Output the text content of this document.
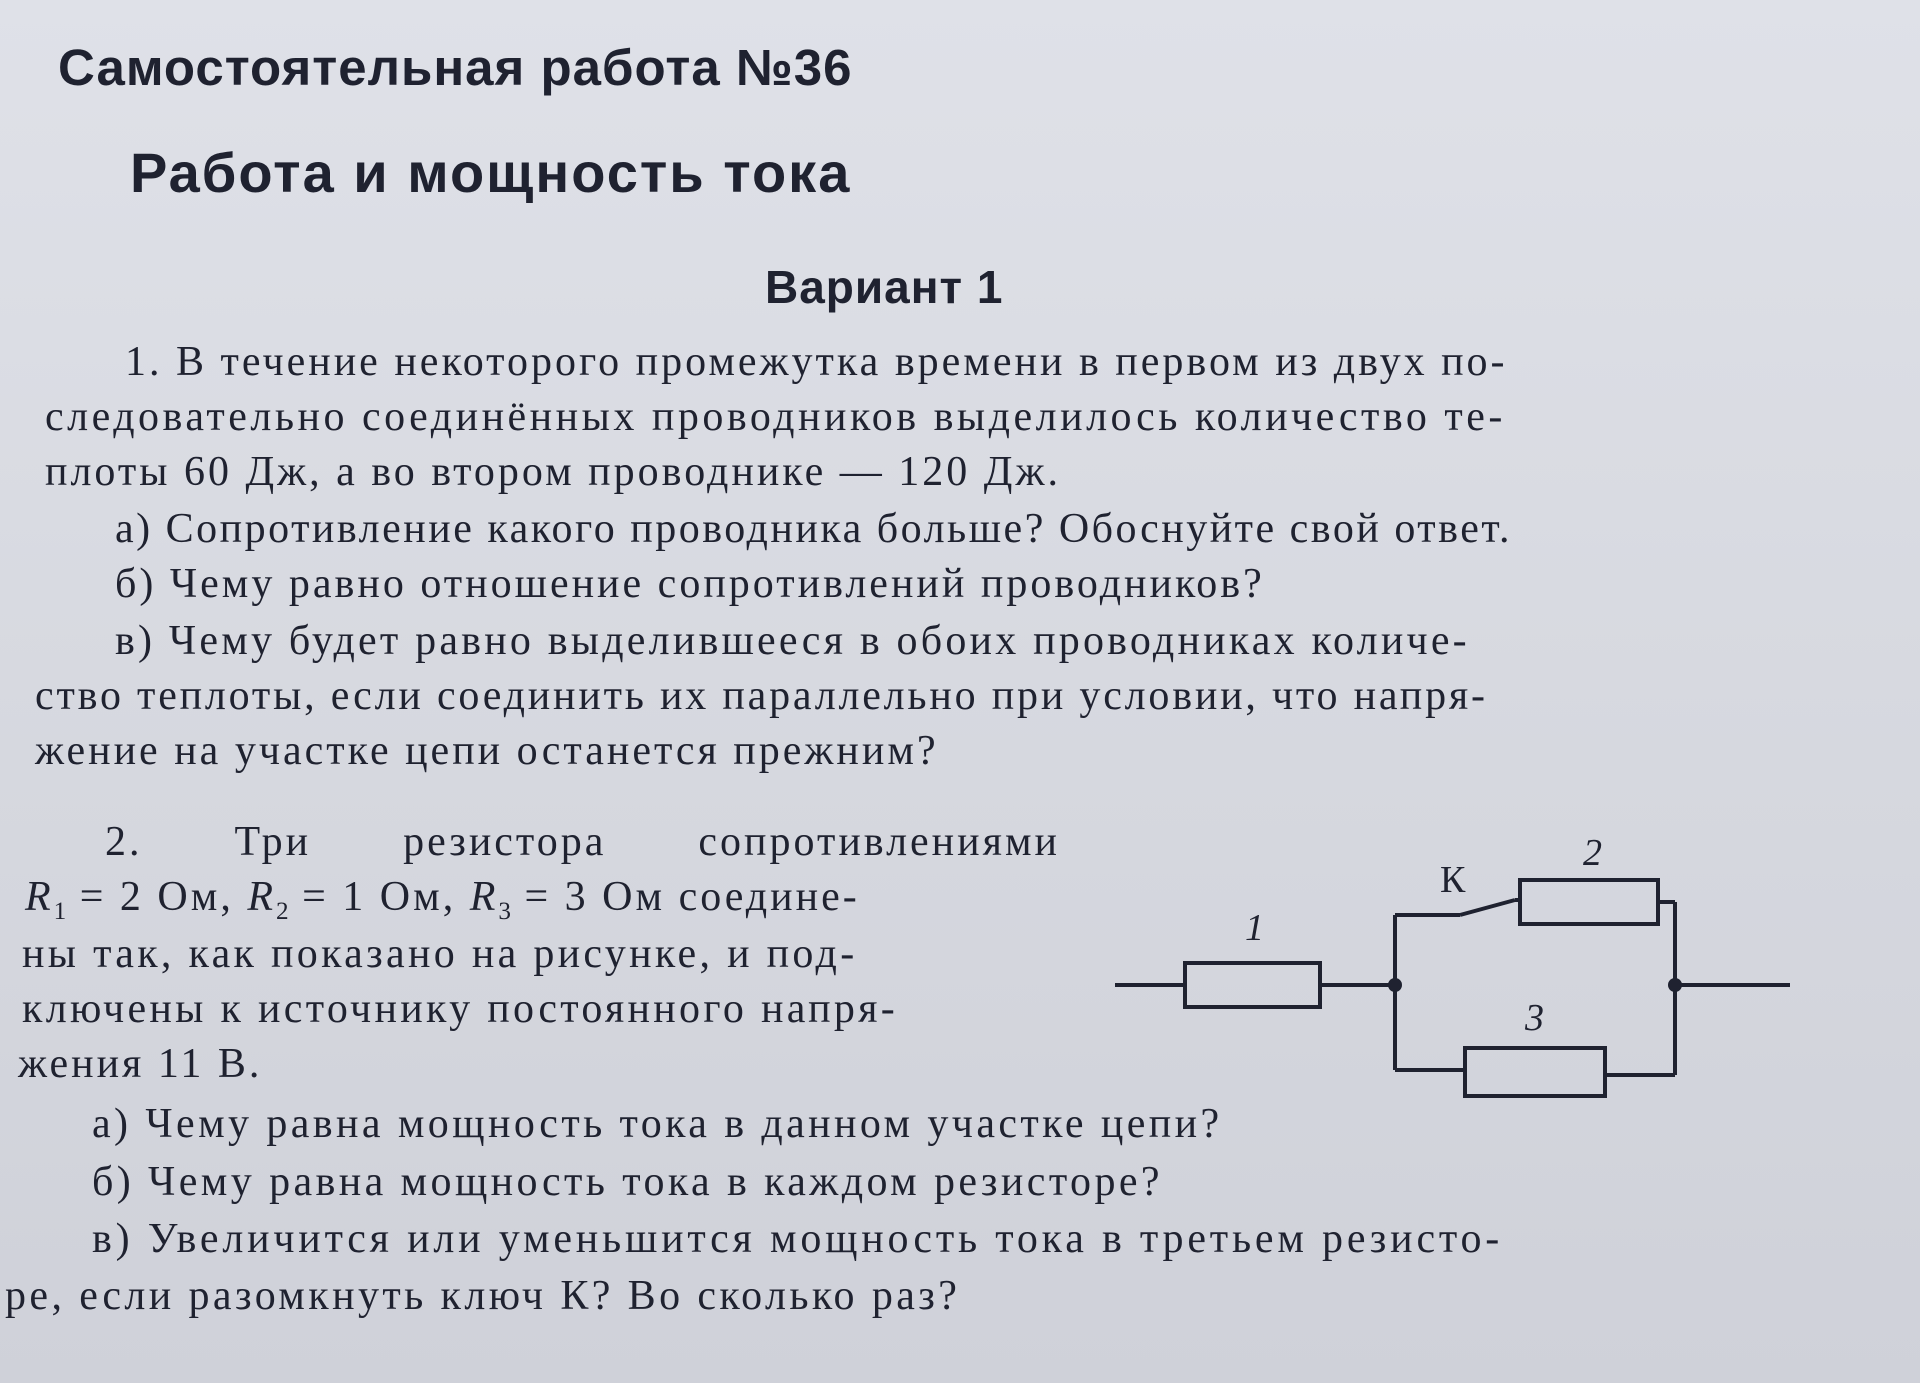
Самостоятельная работа №36
Работа и мощность тока
Вариант 1
1. В течение некоторого промежутка времени в первом из двух по-
следовательно соединённых проводников выделилось количество те-
плоты 60 Дж, а во втором проводнике — 120 Дж.
а) Сопротивление какого проводника больше? Обоснуйте свой ответ.
б) Чему равно отношение сопротивлений проводников?
в) Чему будет равно выделившееся в обоих проводниках количе-
ство теплоты, если соединить их параллельно при условии, что напря-
жение на участке цепи останется прежним?
2. Три резисторa сопротивлениями
$R_1 = 2$ Ом, $R_2 = 1$ Ом, $R_3 = 3$ Ом соедине-
ны так, как показано на рисунке, и под-
ключены к источнику постоянного напря-
жения 11 В.
а) Чему равна мощность тока в данном участке цепи?
б) Чему равна мощность тока в каждом резисторе?
в) Увеличится или уменьшится мощность тока в третьем резисто-
ре, если разомкнуть ключ К? Во сколько раз?
1
2
3
К
